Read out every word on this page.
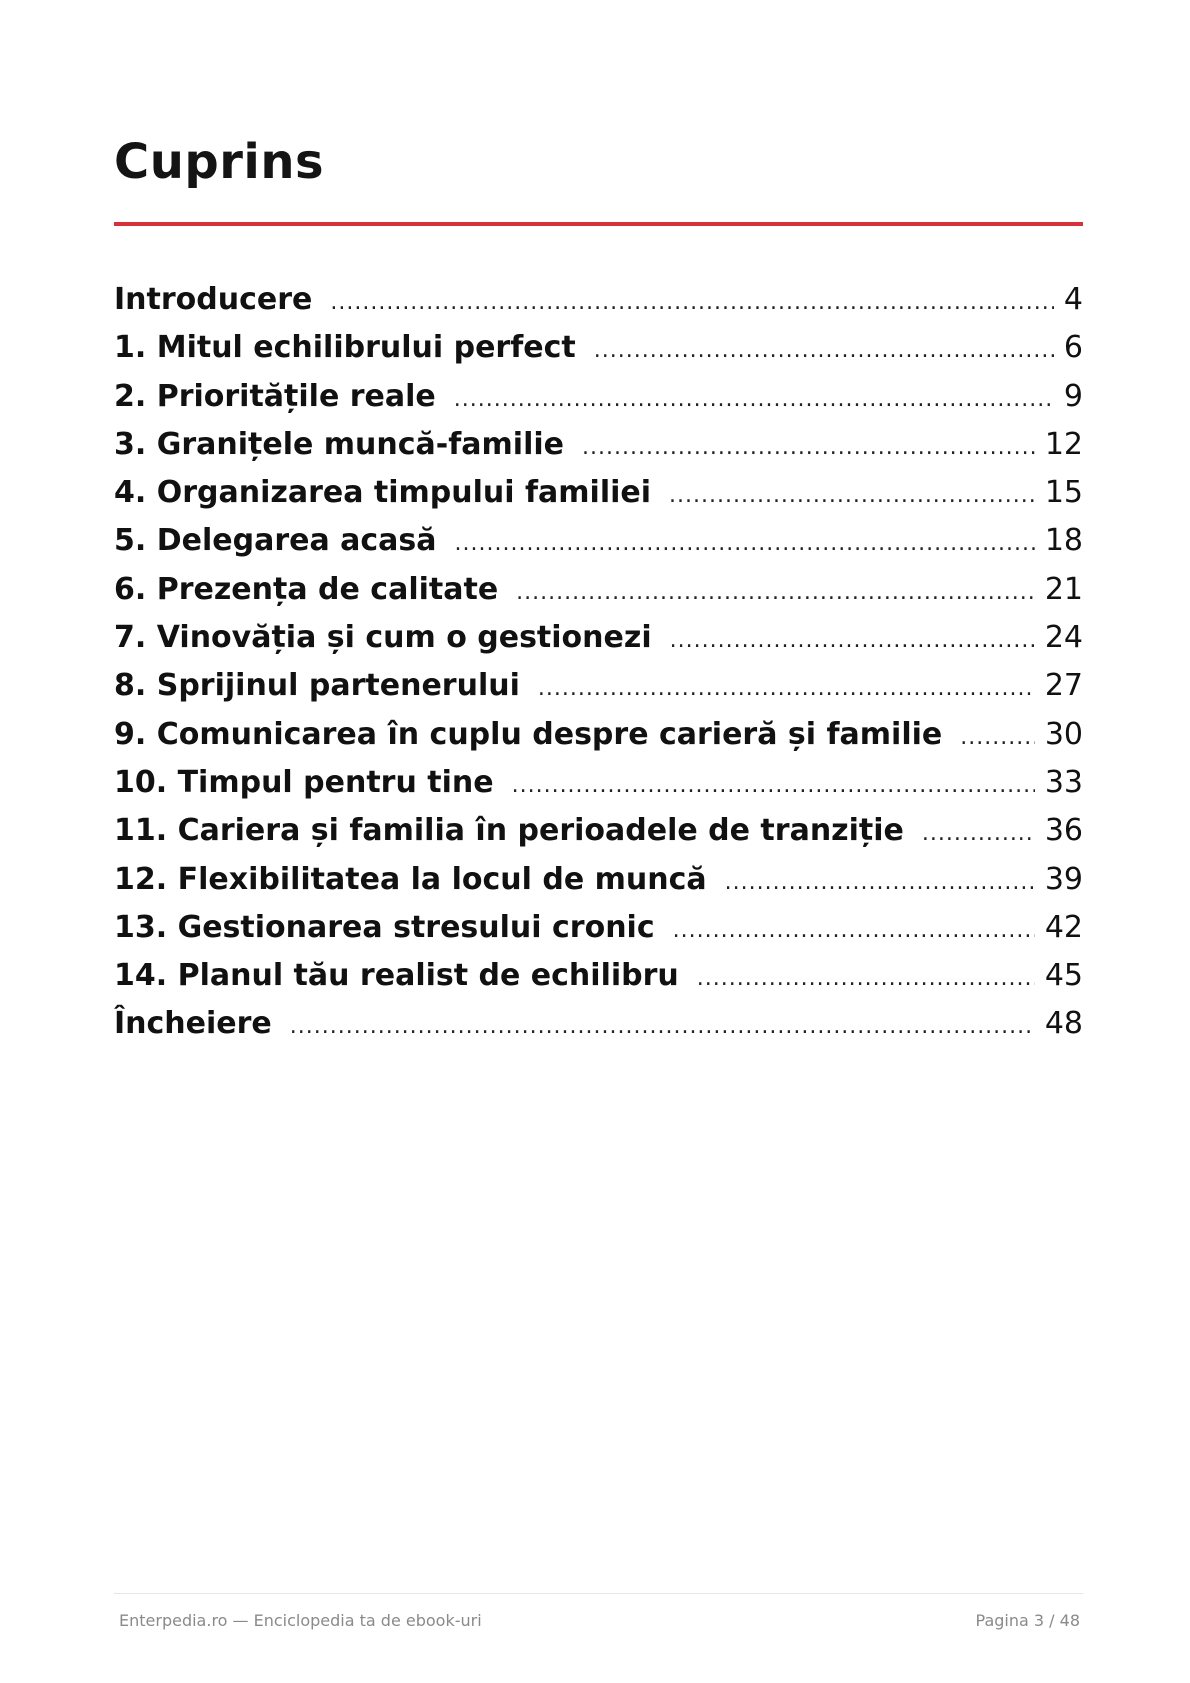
Cuprins
Introducere .....	4
1. Mitul echilibrului perfect .....	6
2. Prioritățile reale .....	9
3. Granițele muncă-familie .....	12
4. Organizarea timpului familiei .....	15
5. Delegarea acasă .....	18
6. Prezența de calitate .....	21
7. Vinovăția și cum o gestionezi .....	24
8. Sprijinul partenerului .....	27
9. Comunicarea în cuplu despre carieră și familie .....	30
10. Timpul pentru tine .....	33
11. Cariera și familia în perioadele de tranziție .....	36
12. Flexibilitatea la locul de muncă .....	39
13. Gestionarea stresului cronic .....	42
14. Planul tău realist de echilibru .....	45
Încheiere .....	48
Enterpedia.ro — Enciclopedia ta de ebook-uri	Pagina 3 / 48
